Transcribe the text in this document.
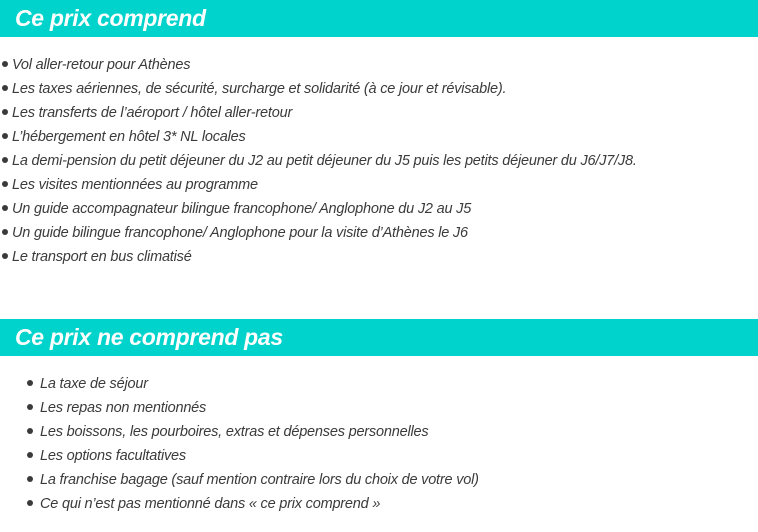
Ce prix comprend
Vol aller-retour pour Athènes
Les taxes aériennes, de sécurité, surcharge et solidarité (à ce jour et révisable).
Les transferts de l’aéroport / hôtel aller-retour
L’hébergement en hôtel 3* NL locales
La demi-pension du petit déjeuner du J2 au petit déjeuner du J5 puis les petits déjeuner du J6/J7/J8.
Les visites mentionnées au programme
Un guide accompagnateur bilingue francophone/ Anglophone du J2 au J5
Un guide bilingue francophone/ Anglophone pour la visite d’Athènes le J6
Le transport en bus climatisé
Ce prix ne comprend pas
La taxe de séjour
Les repas non mentionnés
Les boissons, les pourboires, extras et dépenses personnelles
Les options facultatives
La franchise bagage (sauf mention contraire lors du choix de votre vol)
Ce qui n’est pas mentionné dans « ce prix comprend »
